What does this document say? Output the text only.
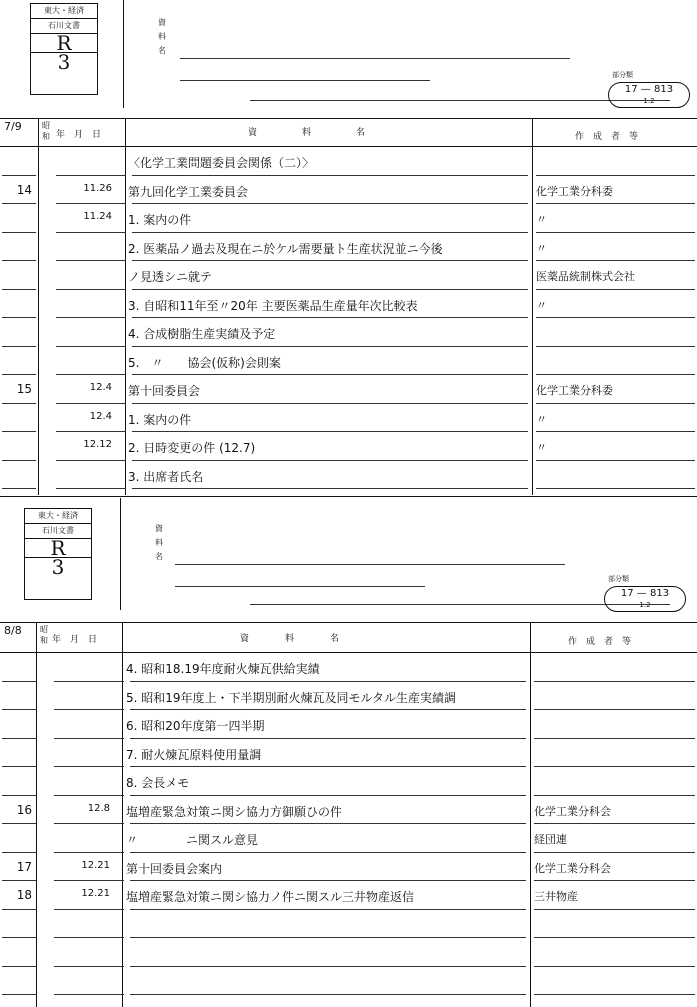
東大・経済
石川文書
R
3
資
料
名
部分類
17 — 813
1.2
7/9	昭和 年　月　日	資　　　　　料　　　　　名	作　成　者　等
〈化学工業問題委員会関係（二）〉
14	11.26 第九回化学工業委員会	化学工業分科委
11.24 1. 案内の件	〃
2. 医薬品ノ過去及現在ニ於ケル需要量ト生産状況並ニ今後	〃
ノ見透シニ就テ	医薬品統制株式会社
3. 自昭和11年至〃20年 主要医薬品生産量年次比較表	〃
4. 合成樹脂生産実績及予定
5.　〃　　協会(仮称)会則案
15	12.4 第十回委員会	化学工業分科委
12.4 1. 案内の件	〃
12.12 2. 日時変更の件 (12.7)	〃
3. 出席者氏名
東大・経済
石川文書
R
3
資
料
名
部分類
17 — 813
1.2
8/8 昭和 年　月　日	資　　　　料　　　　名	作　成　者　等
4. 昭和18.19年度耐火煉瓦供給実績
5. 昭和19年度上・下半期別耐火煉瓦及同モルタル生産実績調
6. 昭和20年度第一四半期
7. 耐火煉瓦原料使用量調
8. 会長メモ
16	12.8 塩増産緊急対策ニ関シ協力方御願ひの件	化学工業分科会
〃　　　　ニ関スル意見	経団連
17	12.21 第十回委員会案内	化学工業分科会
18	12.21 塩増産緊急対策ニ関シ協力ノ件ニ関スル三井物産返信	三井物産
